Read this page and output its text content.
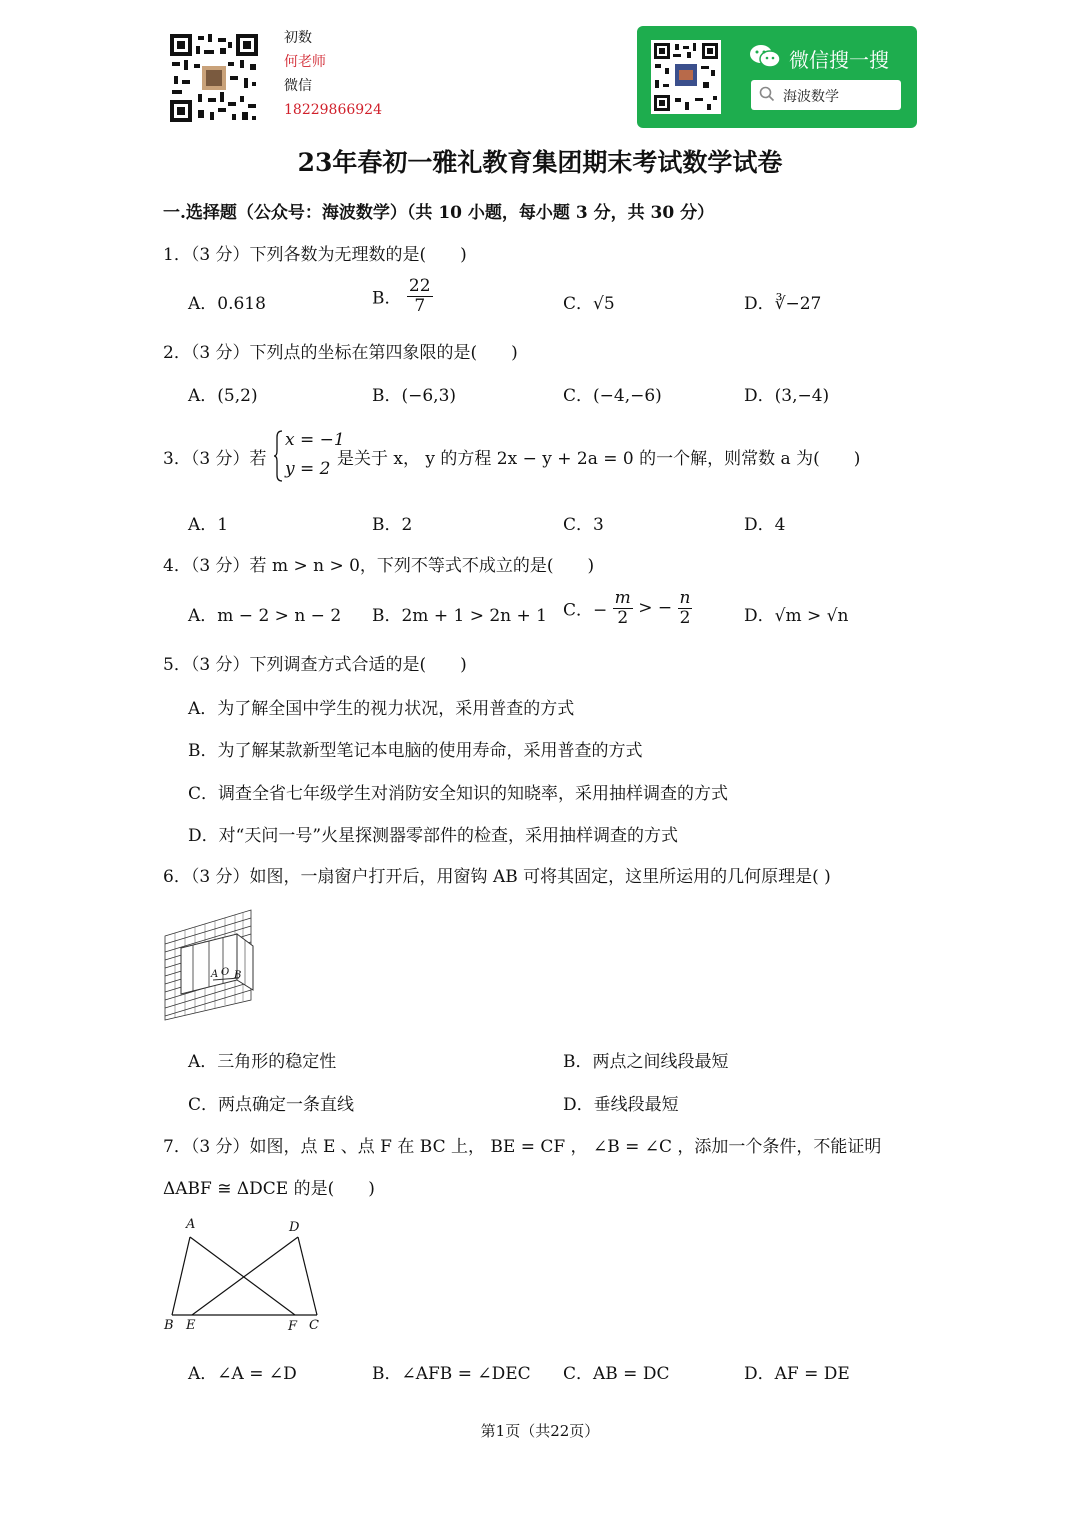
初数
何老师
微信
18229866924
微信搜一搜
海波数学
23年春初一雅礼教育集团期末考试数学试卷
一.选择题（公众号：海波数学）（共 10 小题，每小题 3 分，共 30 分）
1．（3 分）下列各数为无理数的是(　　)
A．0.618	B． $\frac{22}{7}$	C．√5	D．∛−27
2．（3 分）下列点的坐标在第四象限的是(　　)
A．(5,2)	B．(−6,3)	C．(−4,−6)	D．(3,−4)
3．（3 分）若
x = −1
y = 2 是关于 x， y 的方程 2x − y + 2a = 0 的一个解，则常数 a 为(　　)
A．1	B．2	C．3	D．4
4．（3 分）若 m > n > 0，下列不等式不成立的是(　　)
A．m − 2 > n − 2 B．2m + 1 > 2n + 1 C．− $\frac{m}{2}$ > − $\frac{n}{2}$	D．√m > √n
5．（3 分）下列调查方式合适的是(　　)
A．为了解全国中学生的视力状况，采用普查的方式
B．为了解某款新型笔记本电脑的使用寿命，采用普查的方式
C．调查全省七年级学生对消防安全知识的知晓率，采用抽样调查的方式
D．对“天问一号”火星探测器零部件的检查，采用抽样调查的方式
6．（3 分）如图，一扇窗户打开后，用窗钩 AB 可将其固定，这里所运用的几何原理是( )
A O B
A．三角形的稳定性	B．两点之间线段最短
C．两点确定一条直线	D．垂线段最短
7．（3 分）如图，点 E 、点 F 在 BC 上， BE = CF ， ∠B = ∠C ，添加一个条件，不能证明
ΔABF ≅ ΔDCE 的是(　　)
A	D
B E	F C
A．∠A = ∠D	B．∠AFB = ∠DEC C．AB = DC	D．AF = DE
第1页（共22页）
